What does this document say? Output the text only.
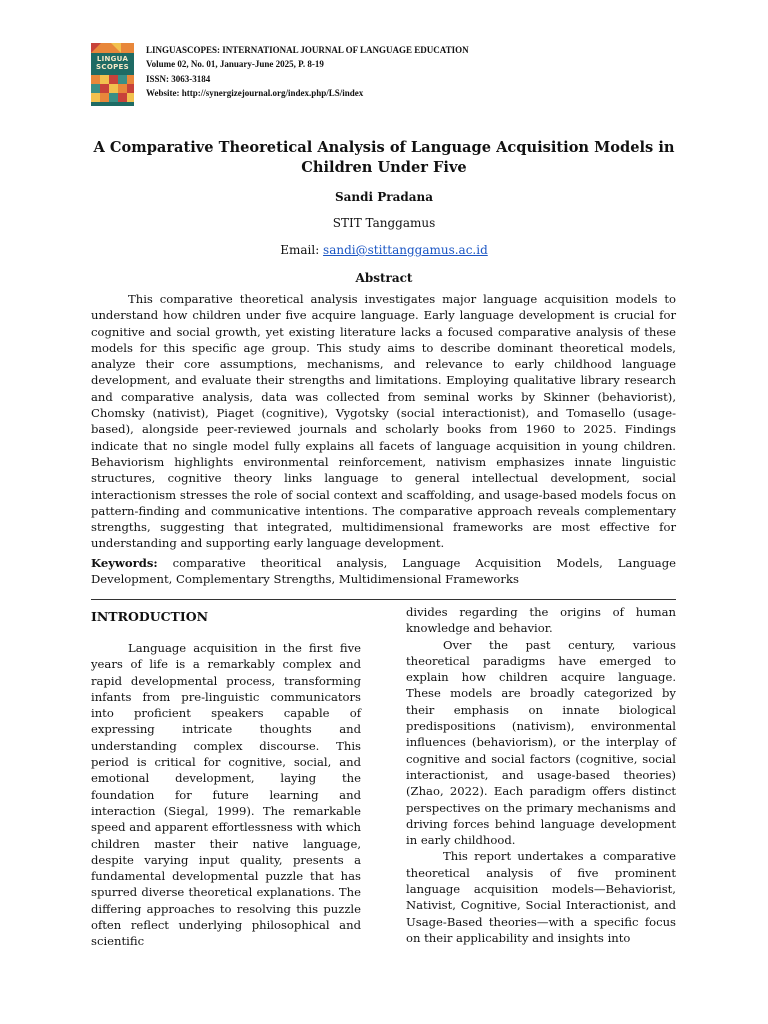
LINGUA
SCOPES
LINGUASCOPES: INTERNATIONAL JOURNAL OF LANGUAGE EDUCATION
Volume 02, No. 01, January-June 2025, P. 8-19
ISSN: 3063-3184
Website: http://synergizejournal.org/index.php/LS/index
A Comparative Theoretical Analysis of Language Acquisition Models in Children Under Five
Sandi Pradana
STIT Tanggamus
Email: sandi@stittanggamus.ac.id
Abstract

This comparative theoretical analysis investigates major language acquisition models to understand how children under five acquire language. Early language development is crucial for cognitive and social growth, yet existing literature lacks a focused comparative analysis of these models for this specific age group. This study aims to describe dominant theoretical models, analyze their core assumptions, mechanisms, and relevance to early childhood language development, and evaluate their strengths and limitations. Employing qualitative library research and comparative analysis, data was collected from seminal works by Skinner (behaviorist), Chomsky (nativist), Piaget (cognitive), Vygotsky (social interactionist), and Tomasello (usage-based), alongside peer-reviewed journals and scholarly books from 1960 to 2025. Findings indicate that no single model fully explains all facets of language acquisition in young children. Behaviorism highlights environmental reinforcement, nativism emphasizes innate linguistic structures, cognitive theory links language to general intellectual development, social interactionism stresses the role of social context and scaffolding, and usage-based models focus on pattern-finding and communicative intentions. The comparative approach reveals complementary strengths, suggesting that integrated, multidimensional frameworks are most effective for understanding and supporting early language development.

Keywords: comparative theoritical analysis, Language Acquisition Models, Language Development, Complementary Strengths, Multidimensional Frameworks

INTRODUCTION

Language acquisition in the first five years of life is a remarkably complex and rapid developmental process, transforming infants from pre-linguistic communicators into proficient speakers capable of expressing intricate thoughts and understanding complex discourse. This period is critical for cognitive, social, and emotional development, laying the foundation for future learning and interaction (Siegal, 1999). The remarkable speed and apparent effortlessness with which children master their native language, despite varying input quality, presents a fundamental developmental puzzle that has spurred diverse theoretical explanations. The differing approaches to resolving this puzzle often reflect underlying philosophical and scientific

divides regarding the origins of human knowledge and behavior.

Over the past century, various theoretical paradigms have emerged to explain how children acquire language. These models are broadly categorized by their emphasis on innate biological predispositions (nativism), environmental influences (behaviorism), or the interplay of cognitive and social factors (cognitive, social interactionist, and usage-based theories) (Zhao, 2022). Each paradigm offers distinct perspectives on the primary mechanisms and driving forces behind language development in early childhood.

This report undertakes a comparative theoretical analysis of five prominent language acquisition models—Behaviorist, Nativist, Cognitive, Social Interactionist, and Usage-Based theories—with a specific focus on their applicability and insights into
